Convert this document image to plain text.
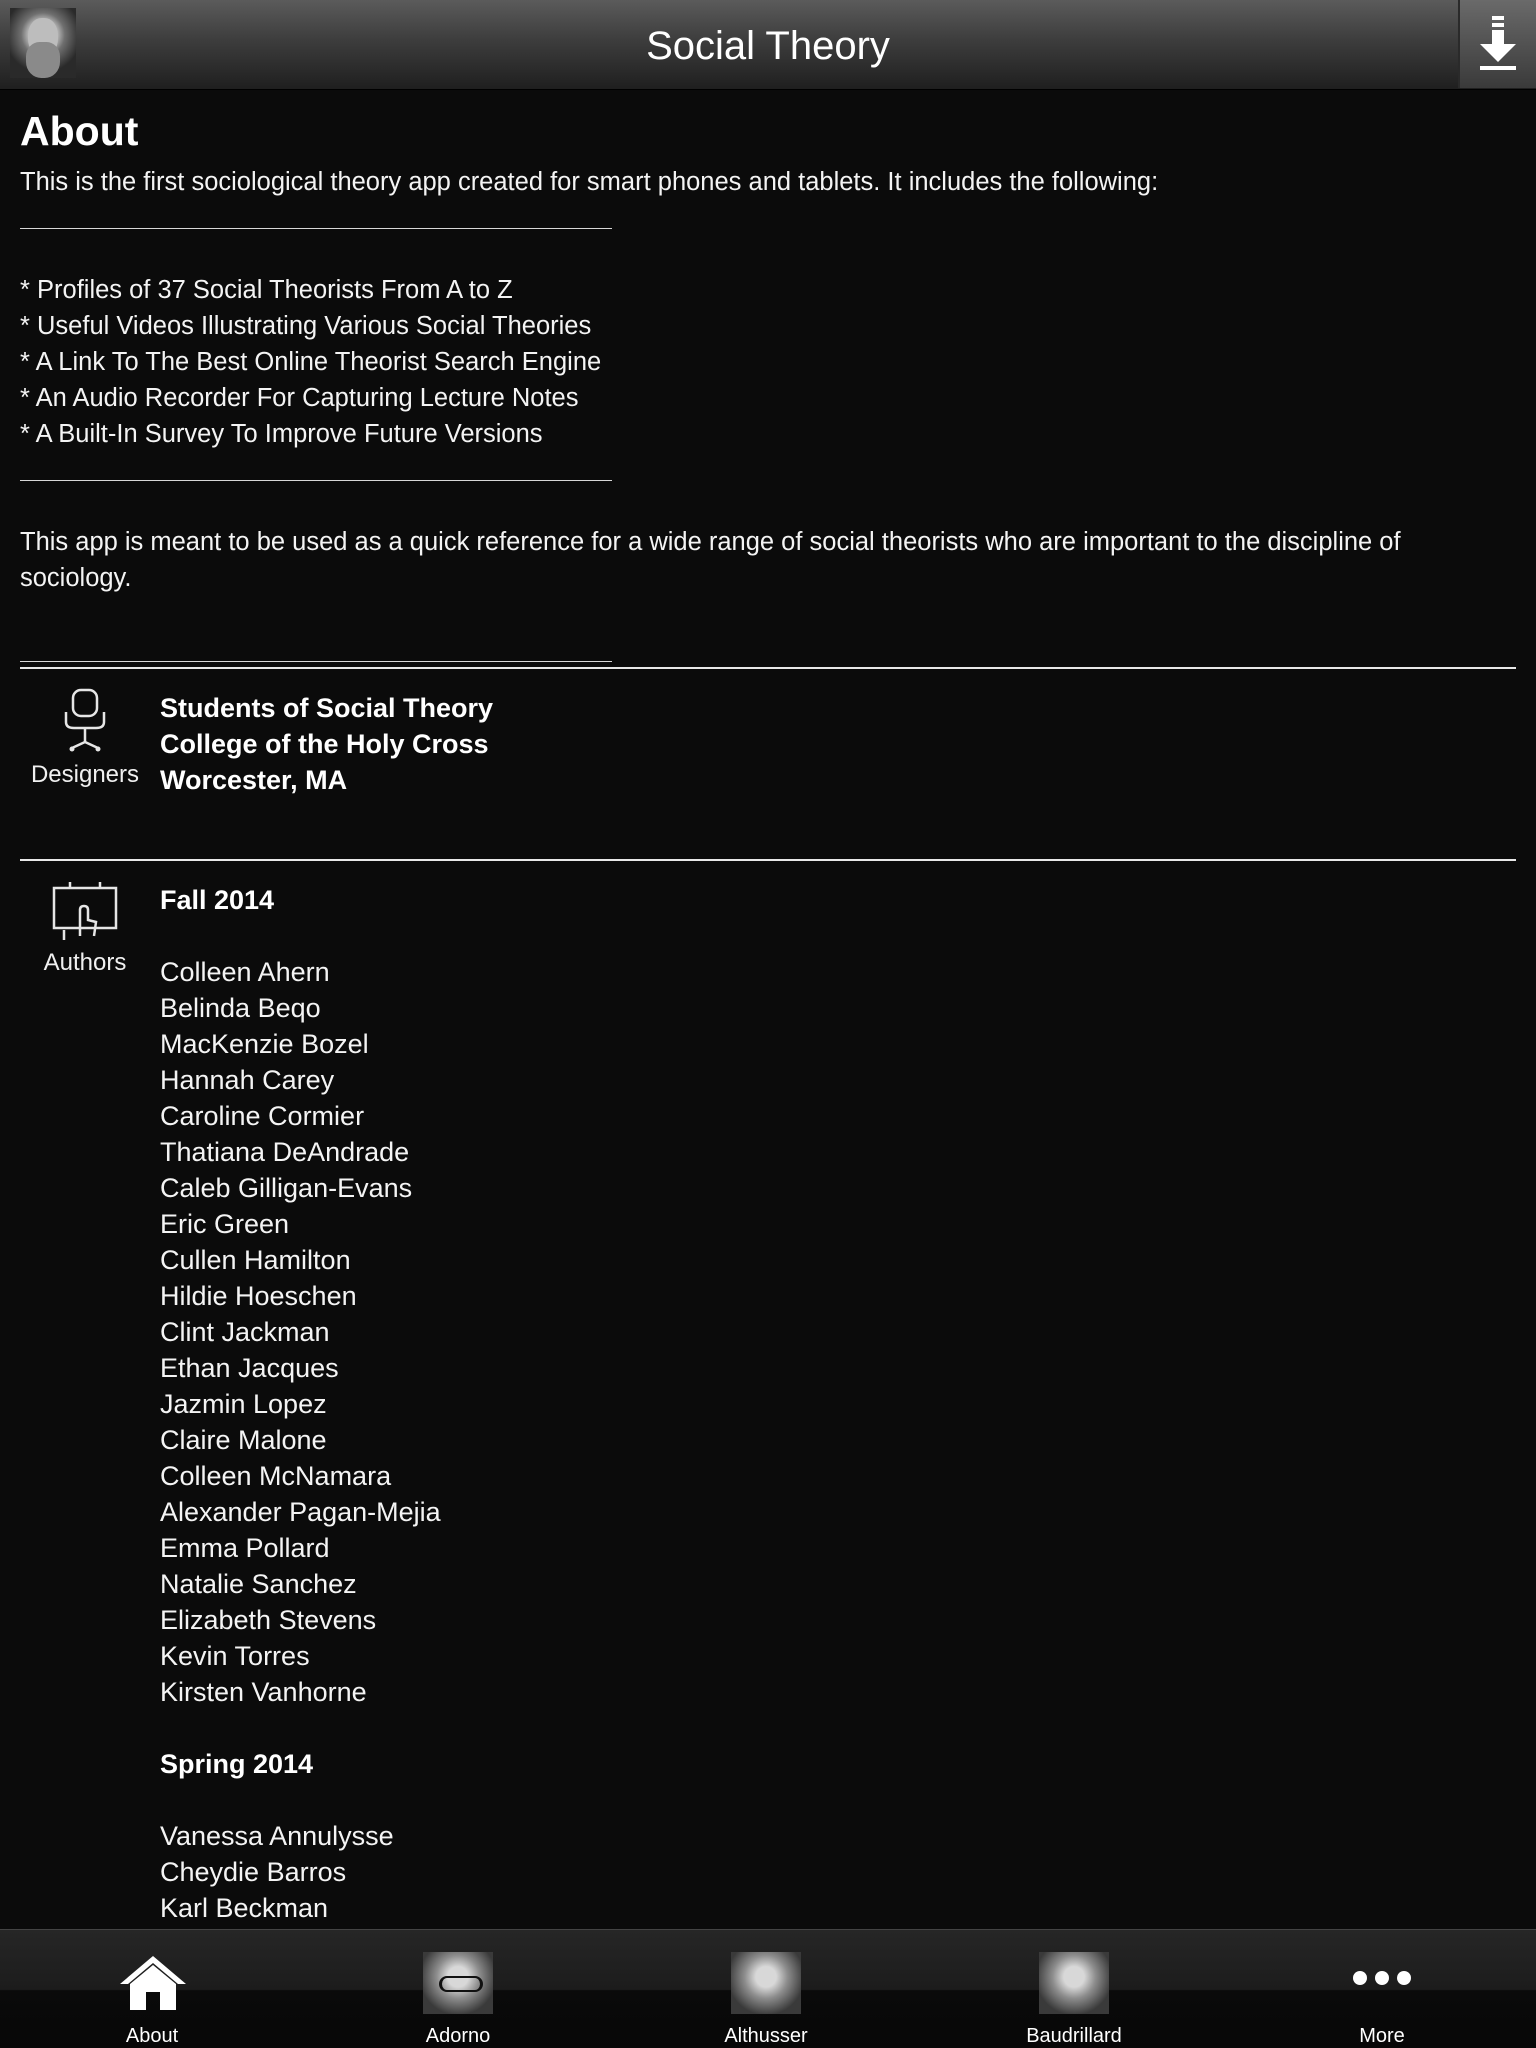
Social Theory
About
This is the first sociological theory app created for smart phones and tablets. It includes the following:
* Profiles of 37 Social Theorists From A to Z
* Useful Videos Illustrating Various Social Theories
* A Link To The Best Online Theorist Search Engine
* An Audio Recorder For Capturing Lecture Notes
* A Built-In Survey To Improve Future Versions
This app is meant to be used as a quick reference for a wide range of social theorists who are important to the discipline of sociology.
Designers
Students of Social Theory
College of the Holy Cross
Worcester, MA
Authors
Fall 2014
Colleen Ahern
Belinda Beqo
MacKenzie Bozel
Hannah Carey
Caroline Cormier
Thatiana DeAndrade
Caleb Gilligan-Evans
Eric Green
Cullen Hamilton
Hildie Hoeschen
Clint Jackman
Ethan Jacques
Jazmin Lopez
Claire Malone
Colleen McNamara
Alexander Pagan-Mejia
Emma Pollard
Natalie Sanchez
Elizabeth Stevens
Kevin Torres
Kirsten Vanhorne
Spring 2014
Vanessa Annulysse
Cheydie Barros
Karl Beckman
About	Adorno	Althusser	Baudrillard	More
